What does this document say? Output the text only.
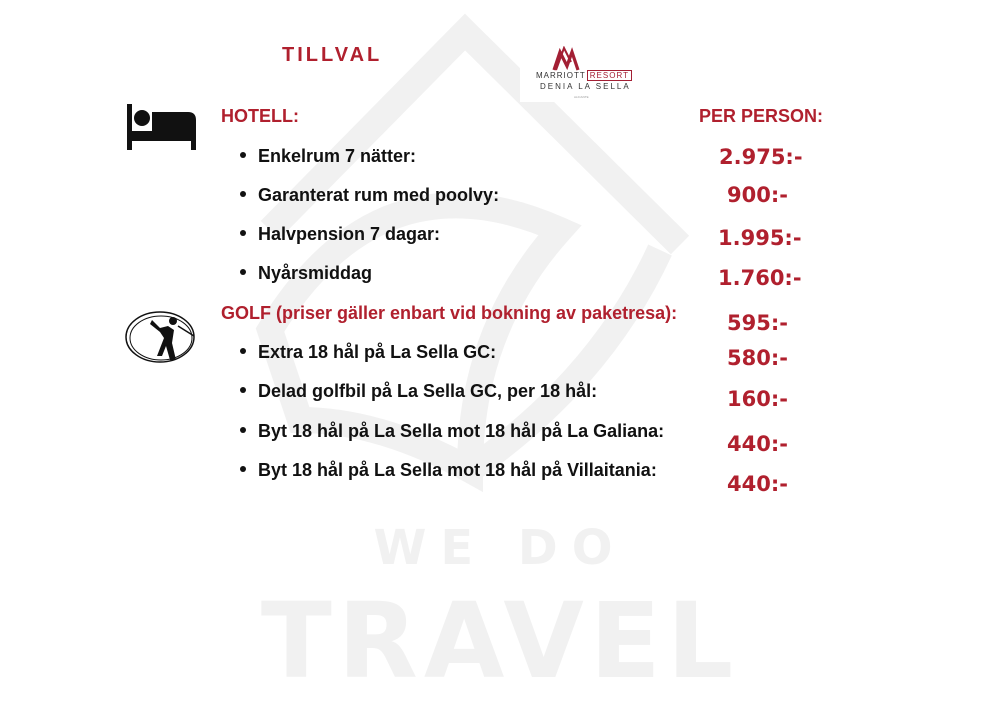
WE DO
TRAVEL
TILLVAL
MARRIOTT RESORT
DENIA LA SELLA
ALICANTE
HOTELL:	PER PERSON:
Enkelrum 7 nätter:
Garanterat rum med poolvy:
Halvpension 7 dagar:
Nyårsmiddag
2.975:-
900:-
1.995:-
1.760:-
GOLF (priser gäller enbart vid bokning av paketresa): 595:-
Extra 18 hål på La Sella GC:
Delad golfbil på La Sella GC, per 18 hål:
Byt 18 hål på La Sella mot 18 hål på La Galiana:
Byt 18 hål på La Sella mot 18 hål på Villaitania:
580:-
160:-
440:-
440:-
